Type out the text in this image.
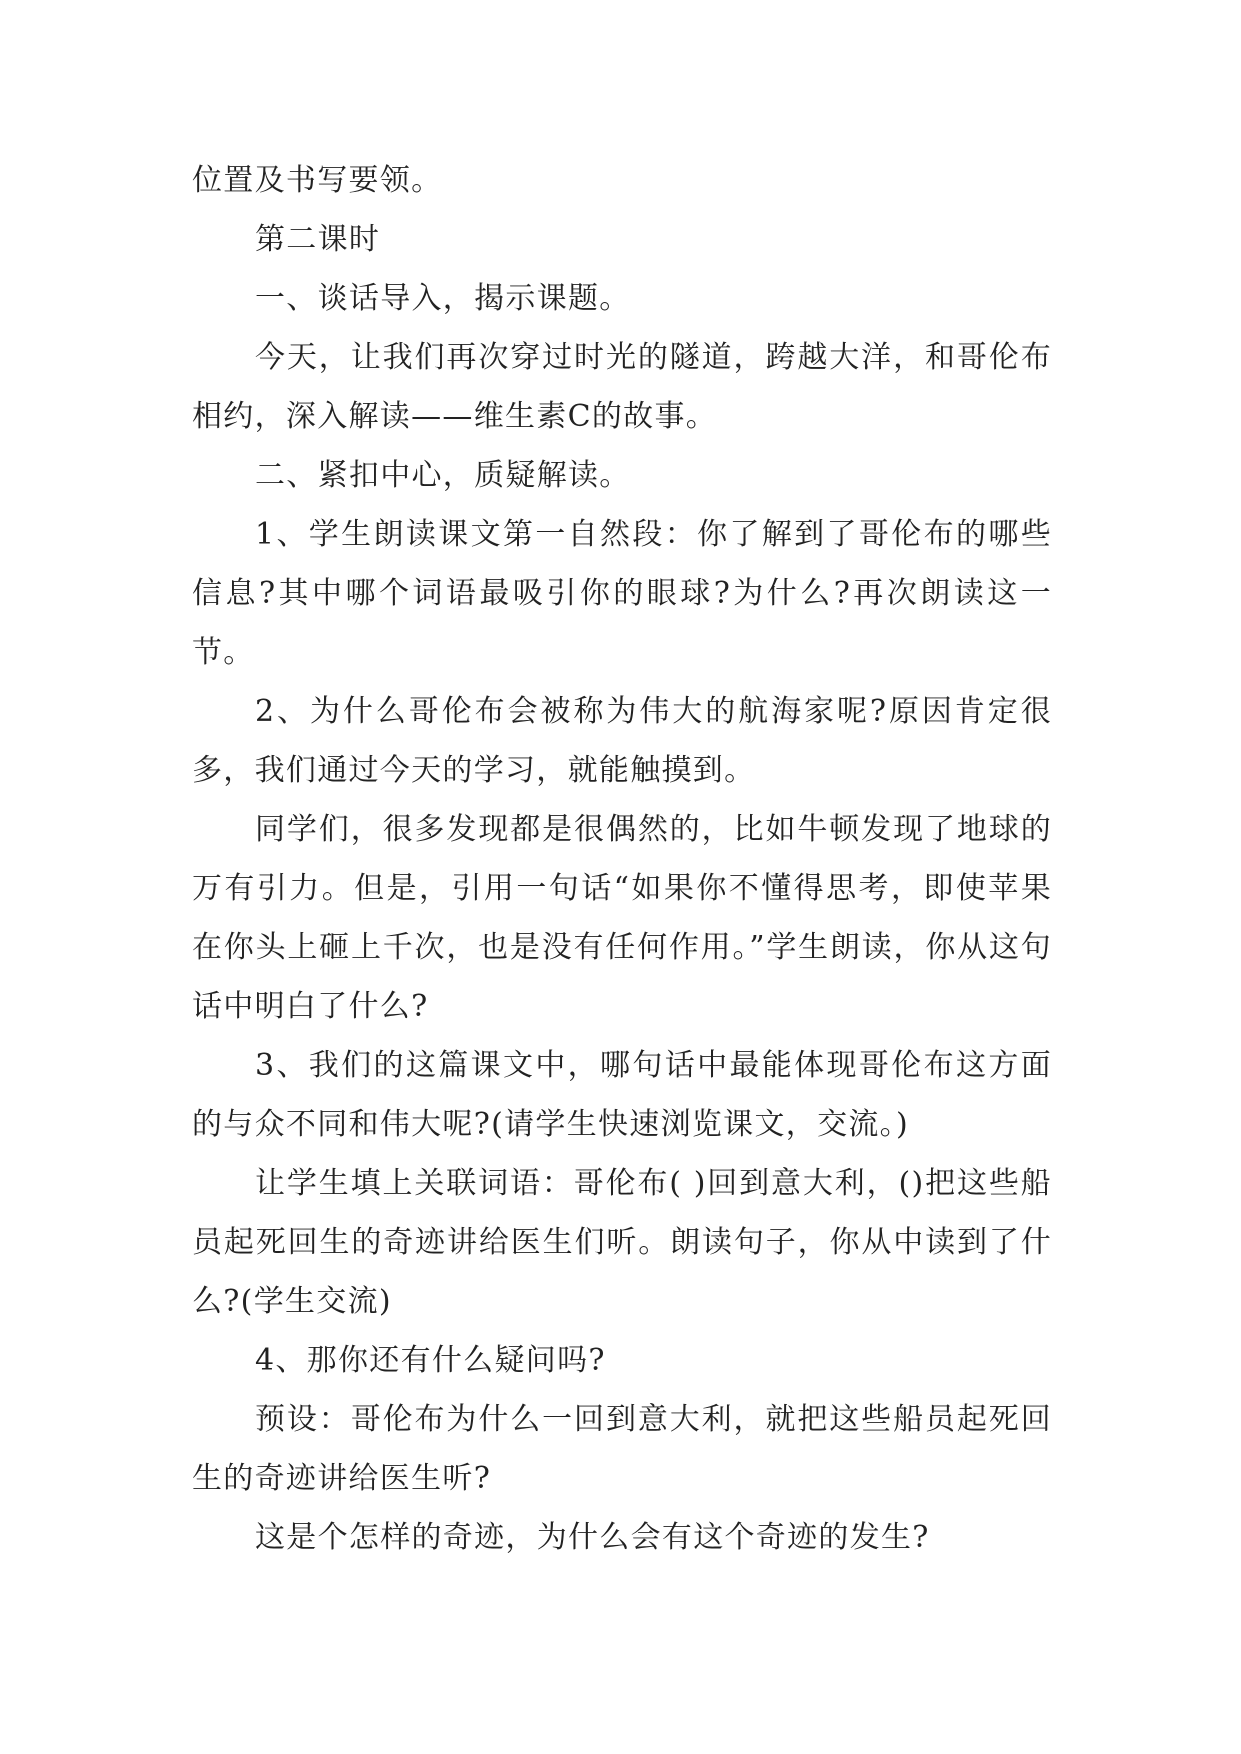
位置及书写要领。

第二课时

一、谈话导入，揭示课题。

今天，让我们再次穿过时光的隧道，跨越大洋，和哥伦布相约，深入解读——维生素C的故事。

二、紧扣中心，质疑解读。

1、学生朗读课文第一自然段：你了解到了哥伦布的哪些信息?其中哪个词语最吸引你的眼球?为什么?再次朗读这一节。

2、为什么哥伦布会被称为伟大的航海家呢?原因肯定很多，我们通过今天的学习，就能触摸到。

同学们，很多发现都是很偶然的，比如牛顿发现了地球的万有引力。但是，引用一句话“如果你不懂得思考，即使苹果在你头上砸上千次，也是没有任何作用。”学生朗读，你从这句话中明白了什么?

3、我们的这篇课文中，哪句话中最能体现哥伦布这方面的与众不同和伟大呢?(请学生快速浏览课文，交流。)

让学生填上关联词语：哥伦布( )回到意大利，()把这些船员起死回生的奇迹讲给医生们听。朗读句子，你从中读到了什么?(学生交流)

4、那你还有什么疑问吗?

预设：哥伦布为什么一回到意大利，就把这些船员起死回生的奇迹讲给医生听?

这是个怎样的奇迹，为什么会有这个奇迹的发生?
